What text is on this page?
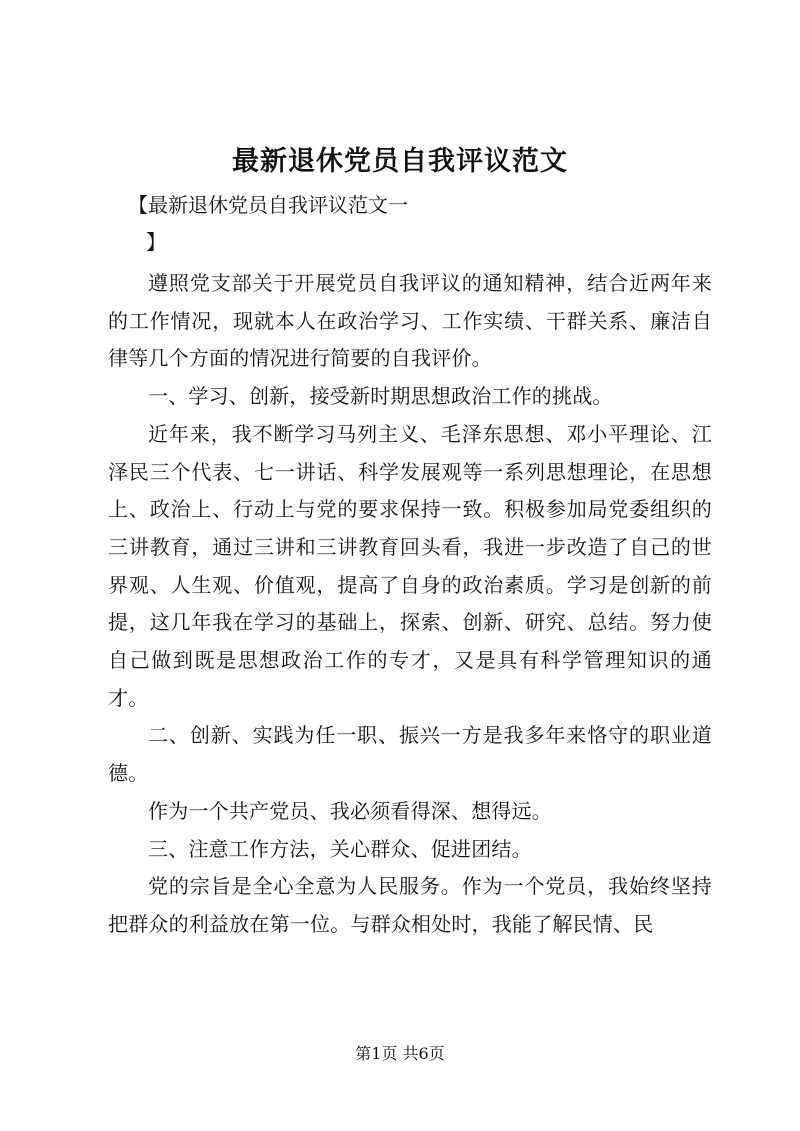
最新退休党员自我评议范文
【最新退休党员自我评议范文一
】

遵照党支部关于开展党员自我评议的通知精神，结合近两年来的工作情况，现就本人在政治学习、工作实绩、干群关系、廉洁自律等几个方面的情况进行简要的自我评价。

一、学习、创新，接受新时期思想政治工作的挑战。

近年来，我不断学习马列主义、毛泽东思想、邓小平理论、江泽民三个代表、七一讲话、科学发展观等一系列思想理论，在思想上、政治上、行动上与党的要求保持一致。积极参加局党委组织的三讲教育，通过三讲和三讲教育回头看，我进一步改造了自己的世界观、人生观、价值观，提高了自身的政治素质。学习是创新的前提，这几年我在学习的基础上，探索、创新、研究、总结。努力使自己做到既是思想政治工作的专才，又是具有科学管理知识的通才。

二、创新、实践为任一职、振兴一方是我多年来恪守的职业道德。

作为一个共产党员、我必须看得深、想得远。

三、注意工作方法，关心群众、促进团结。

党的宗旨是全心全意为人民服务。作为一个党员，我始终坚持把群众的利益放在第一位。与群众相处时，我能了解民情、民

第1页 共6页
